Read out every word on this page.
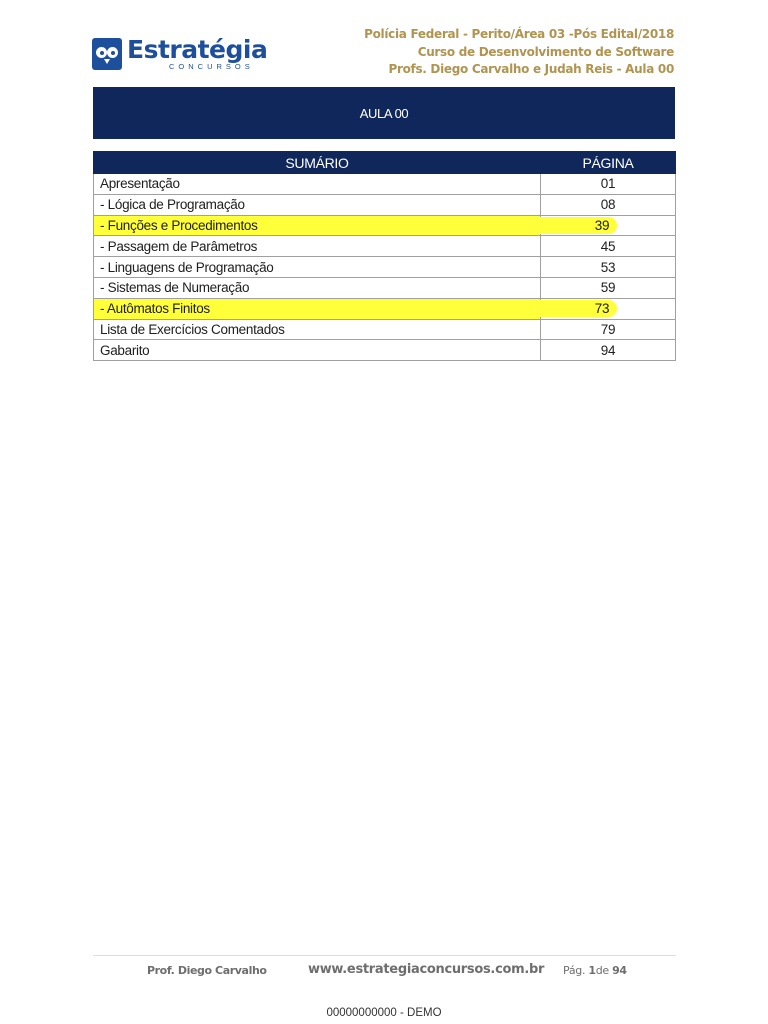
Estratégia
CONCURSOS
Polícia Federal - Perito/Área 03 -Pós Edital/2018
Curso de Desenvolvimento de Software
Profs. Diego Carvalho e Judah Reis - Aula 00
AULA 00
SUMÁRIO	PÁGINA
Apresentação	01
- Lógica de Programação	08
- Funções e Procedimentos	39
- Passagem de Parâmetros	45
- Linguagens de Programação	53
- Sistemas de Numeração	59
- Autômatos Finitos	73
Lista de Exercícios Comentados	79
Gabarito	94
Prof. Diego Carvalho	www.estrategiaconcursos.com.br Pág. 1de 94
00000000000 - DEMO
